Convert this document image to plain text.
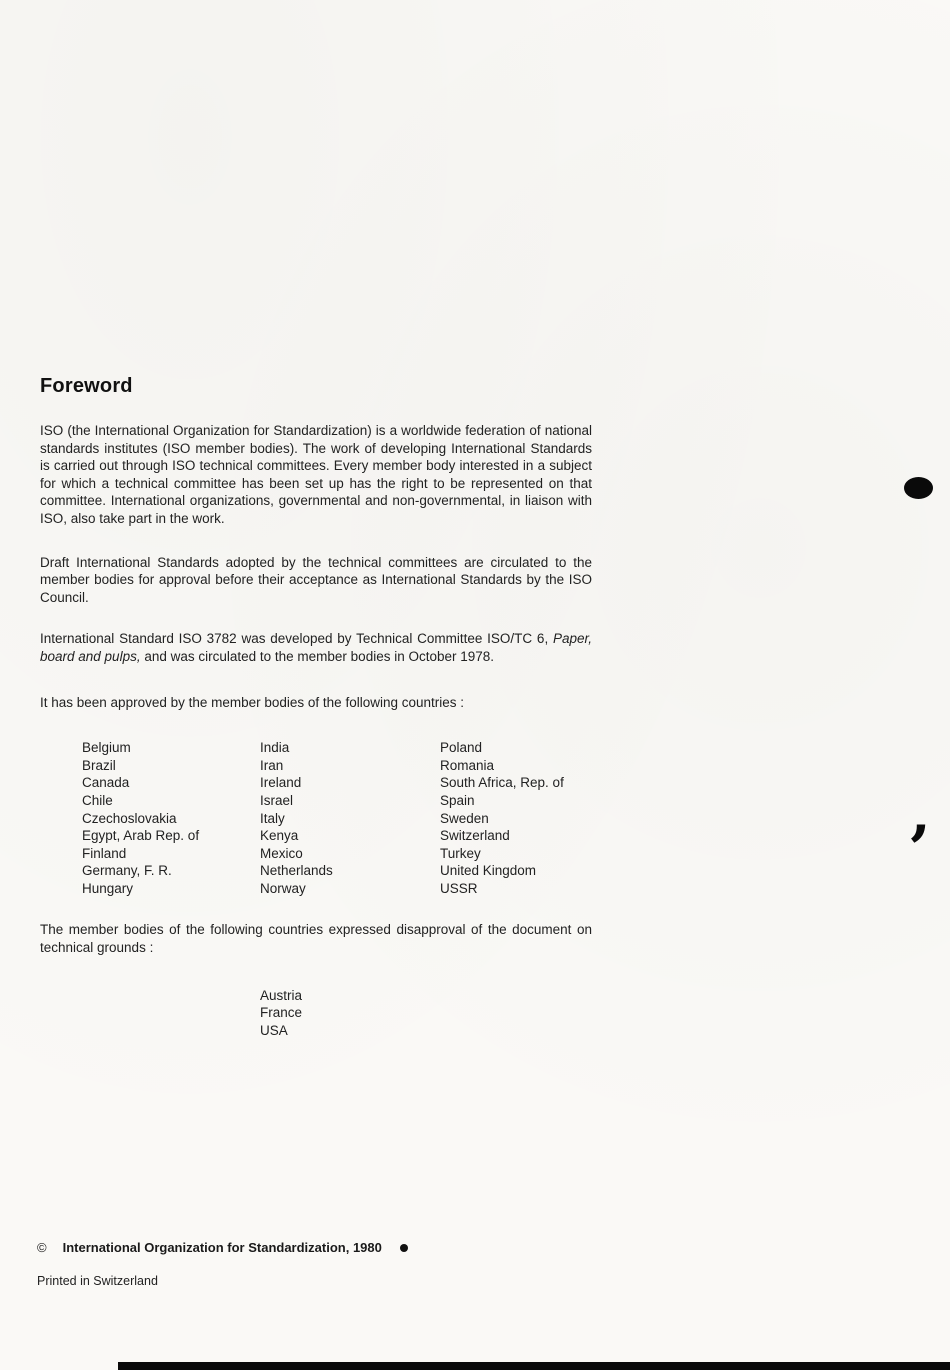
Foreword

ISO (the International Organization for Standardization) is a worldwide federation of national standards institutes (ISO member bodies). The work of developing International Standards is carried out through ISO technical committees. Every member body interested in a subject for which a technical committee has been set up has the right to be represented on that committee. International organizations, governmental and non-governmental, in liaison with ISO, also take part in the work.

Draft International Standards adopted by the technical committees are circulated to the member bodies for approval before their acceptance as International Standards by the ISO Council.

International Standard ISO 3782 was developed by Technical Committee ISO/TC 6, Paper, board and pulps, and was circulated to the member bodies in October 1978.

It has been approved by the member bodies of the following countries :

Belgium
Brazil
Canada
Chile
Czechoslovakia
Egypt, Arab Rep. of
Finland
Germany, F. R.
Hungary
India
Iran
Ireland
Israel
Italy
Kenya
Mexico
Netherlands
Norway
Poland
Romania
South Africa, Rep. of
Spain
Sweden
Switzerland
Turkey
United Kingdom
USSR

The member bodies of the following countries expressed disapproval of the document on technical grounds :

Austria
France
USA
© International Organization for Standardization, 1980
Printed in Switzerland
’
